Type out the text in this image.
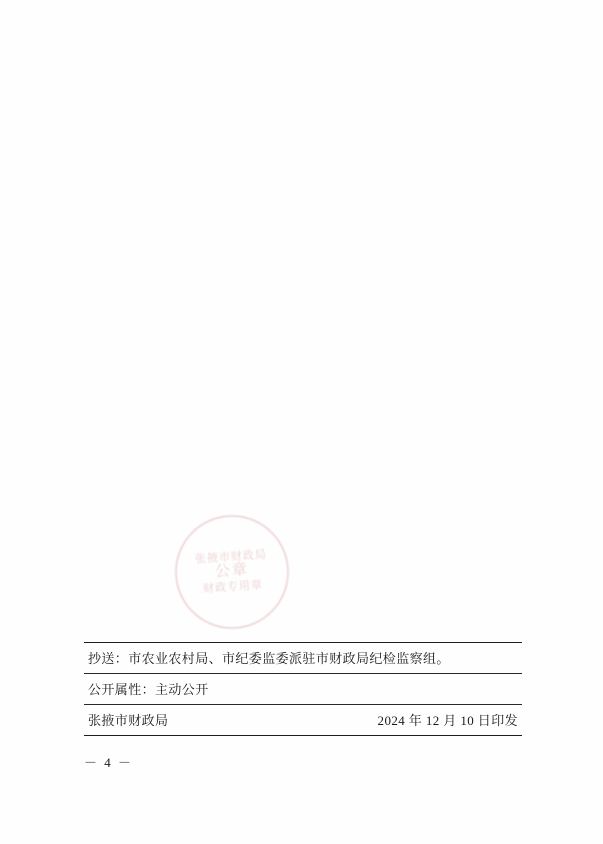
张掖市财政局
公章
财政专用章
抄送：市农业农村局、市纪委监委派驻市财政局纪检监察组。
公开属性：主动公开
张掖市财政局	2024 年 12 月 10 日印发
－ 4 －
